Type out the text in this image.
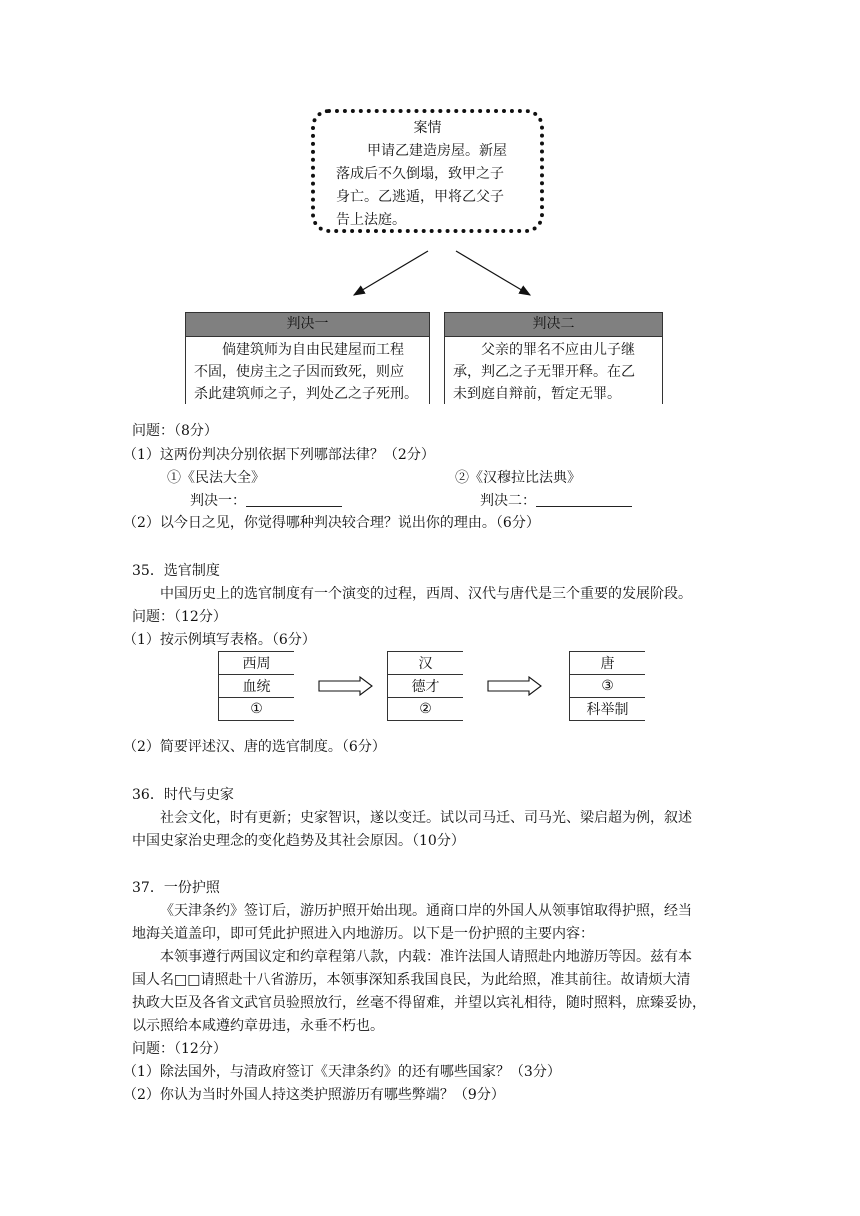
案情
甲请乙建造房屋。新屋
落成后不久倒塌，致甲之子
身亡。乙逃遁，甲将乙父子
告上法庭。
判决一
倘建筑师为自由民建屋而工程
不固，使房主之子因而致死，则应
杀此建筑师之子，判处乙之子死刑。
判决二
父亲的罪名不应由儿子继
承，判乙之子无罪开释。在乙
未到庭自辩前，暂定无罪。
问题：（8分）
（1）这两份判决分别依据下列哪部法律？（2分）
①《民法大全》	②《汉穆拉比法典》
判决一：	判决二：
（2）以今日之见，你觉得哪种判决较合理？说出你的理由。（6分）
35．选官制度
中国历史上的选官制度有一个演变的过程，西周、汉代与唐代是三个重要的发展阶段。
问题：（12分）
（1）按示例填写表格。（6分）
西周
血统
①
汉
德才
②
唐
③
科举制
（2）简要评述汉、唐的选官制度。（6分）
36．时代与史家
社会文化，时有更新；史家智识，遂以变迁。试以司马迁、司马光、梁启超为例，叙述
中国史家治史理念的变化趋势及其社会原因。（10分）
37．一份护照
《天津条约》签订后，游历护照开始出现。通商口岸的外国人从领事馆取得护照，经当
地海关道盖印，即可凭此护照进入内地游历。以下是一份护照的主要内容：
本领事遵行两国议定和约章程第八款，内载：准许法国人请照赴内地游历等因。兹有本
国人名□□请照赴十八省游历，本领事深知系我国良民，为此给照，准其前往。故请烦大清
执政大臣及各省文武官员验照放行，丝毫不得留难，并望以宾礼相待，随时照料，庶臻妥协，
以示照给本咸遵约章毋违，永垂不朽也。
问题：（12分）
（1）除法国外，与清政府签订《天津条约》的还有哪些国家？（3分）
（2）你认为当时外国人持这类护照游历有哪些弊端？（9分）
